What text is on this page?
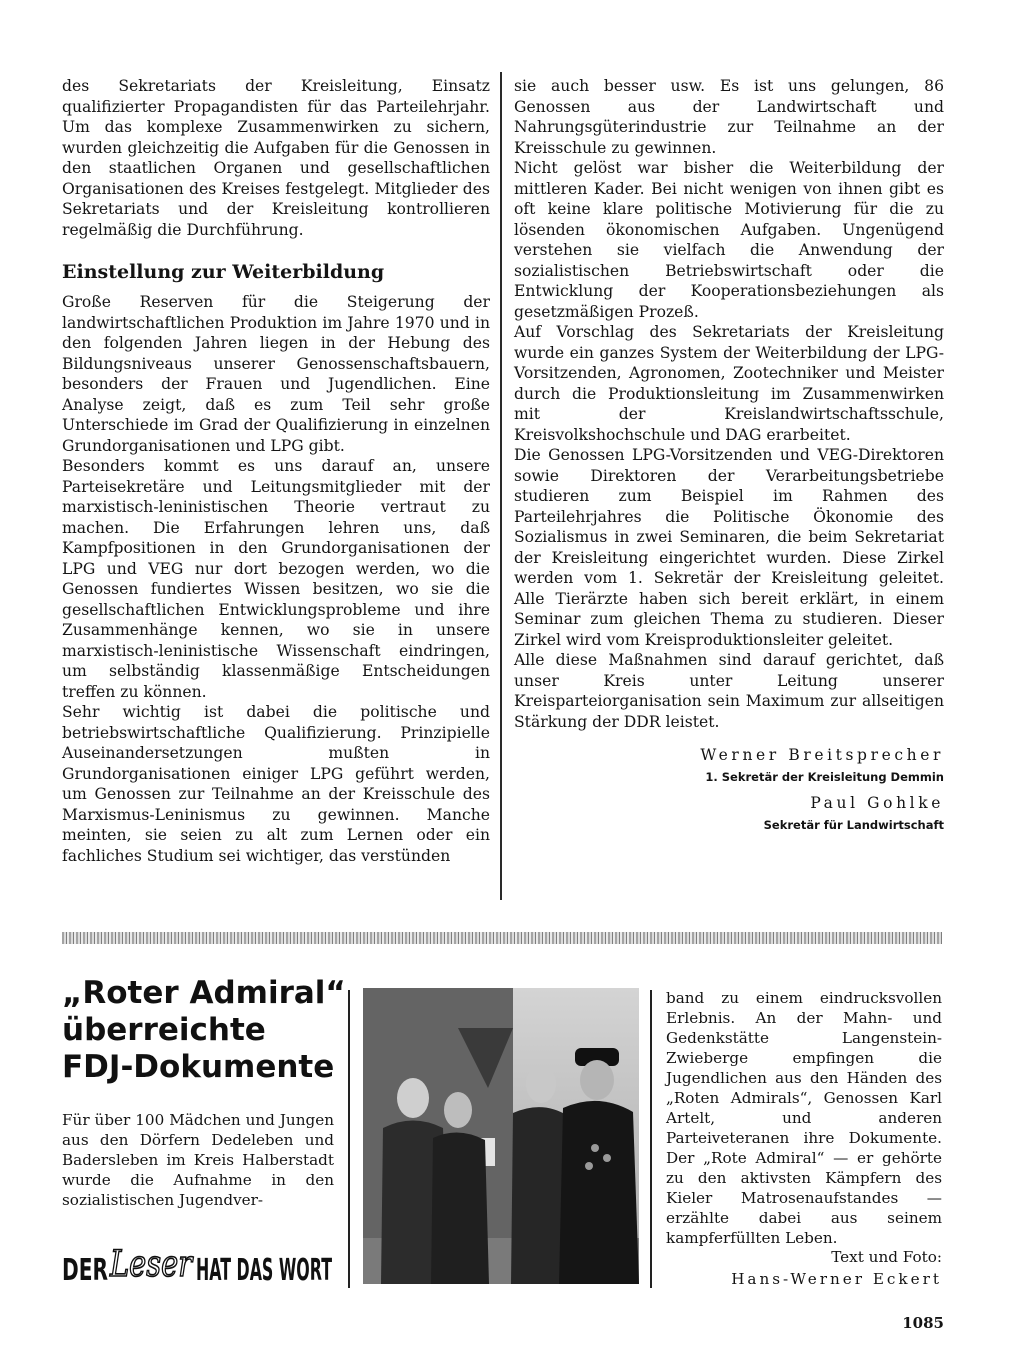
des Sekretariats der Kreisleitung, Einsatz qualifizierter Propagandisten für das Parteilehrjahr. Um das komplexe Zusammenwirken zu sichern, wurden gleichzeitig die Aufgaben für die Genossen in den staatlichen Organen und gesellschaftlichen Organisationen des Kreises festgelegt. Mitglieder des Sekretariats und der Kreisleitung kontrollieren regelmäßig die Durchführung.

Einstellung zur Weiterbildung

Große Reserven für die Steigerung der landwirtschaftlichen Produktion im Jahre 1970 und in den folgenden Jahren liegen in der Hebung des Bildungsniveaus unserer Genossenschaftsbauern, besonders der Frauen und Jugendlichen. Eine Analyse zeigt, daß es zum Teil sehr große Unterschiede im Grad der Qualifizierung in einzelnen Grundorganisationen und LPG gibt.

Besonders kommt es uns darauf an, unsere Parteisekretäre und Leitungsmitglieder mit der marxistisch-leninistischen Theorie vertraut zu machen. Die Erfahrungen lehren uns, daß Kampfpositionen in den Grundorganisationen der LPG und VEG nur dort bezogen werden, wo die Genossen fundiertes Wissen besitzen, wo sie die gesellschaftlichen Entwicklungsprobleme und ihre Zusammenhänge kennen, wo sie in unsere marxistisch-leninistische Wissenschaft eindringen, um selbständig klassenmäßige Entscheidungen treffen zu können.

Sehr wichtig ist dabei die politische und betriebswirtschaftliche Qualifizierung. Prinzipielle Auseinandersetzungen mußten in Grundorganisationen einiger LPG geführt werden, um Genossen zur Teilnahme an der Kreisschule des Marxismus-Leninismus zu gewinnen. Manche meinten, sie seien zu alt zum Lernen oder ein fachliches Studium sei wichtiger, das verstünden

sie auch besser usw. Es ist uns gelungen, 86 Genossen aus der Landwirtschaft und Nahrungsgüterindustrie zur Teilnahme an der Kreisschule zu gewinnen.

Nicht gelöst war bisher die Weiterbildung der mittleren Kader. Bei nicht wenigen von ihnen gibt es oft keine klare politische Motivierung für die zu lösenden ökonomischen Aufgaben. Ungenügend verstehen sie vielfach die Anwendung der sozialistischen Betriebswirtschaft oder die Entwicklung der Kooperationsbeziehungen als gesetzmäßigen Prozeß.

Auf Vorschlag des Sekretariats der Kreisleitung wurde ein ganzes System der Weiterbildung der LPG-Vorsitzenden, Agronomen, Zootechniker und Meister durch die Produktionsleitung im Zusammenwirken mit der Kreislandwirtschaftsschule, Kreisvolkshochschule und DAG erarbeitet.

Die Genossen LPG-Vorsitzenden und VEG-Direktoren sowie Direktoren der Verarbeitungsbetriebe studieren zum Beispiel im Rahmen des Parteilehrjahres die Politische Ökonomie des Sozialismus in zwei Seminaren, die beim Sekretariat der Kreisleitung eingerichtet wurden. Diese Zirkel werden vom 1. Sekretär der Kreisleitung geleitet. Alle Tierärzte haben sich bereit erklärt, in einem Seminar zum gleichen Thema zu studieren. Dieser Zirkel wird vom Kreisproduktionsleiter geleitet.

Alle diese Maßnahmen sind darauf gerichtet, daß unser Kreis unter Leitung unserer Kreisparteiorganisation sein Maximum zur allseitigen Stärkung der DDR leistet.

Werner Breitsprecher
1. Sekretär der Kreisleitung Demmin
Paul Gohlke
Sekretär für Landwirtschaft
„Roter Admiral“
überreichte
FDJ-Dokumente

Für über 100 Mädchen und Jungen aus den Dörfern Dedeleben und Badersleben im Kreis Halberstadt wurde die Aufnahme in den sozialistischen Jugendver-

DER Leser HAT DAS WORT

band zu einem eindrucksvollen Erlebnis. An der Mahn- und Gedenkstätte Langenstein-Zwieberge empfingen die Jugendlichen aus den Händen des „Roten Admirals“, Genossen Karl Artelt, und anderen Parteiveteranen ihre Dokumente. Der „Rote Admiral“ — er gehörte zu den aktivsten Kämpfern des Kieler Matrosenaufstandes — erzählte dabei aus seinem kampferfüllten Leben.

Text und Foto:
Hans-Werner Eckert
1085
